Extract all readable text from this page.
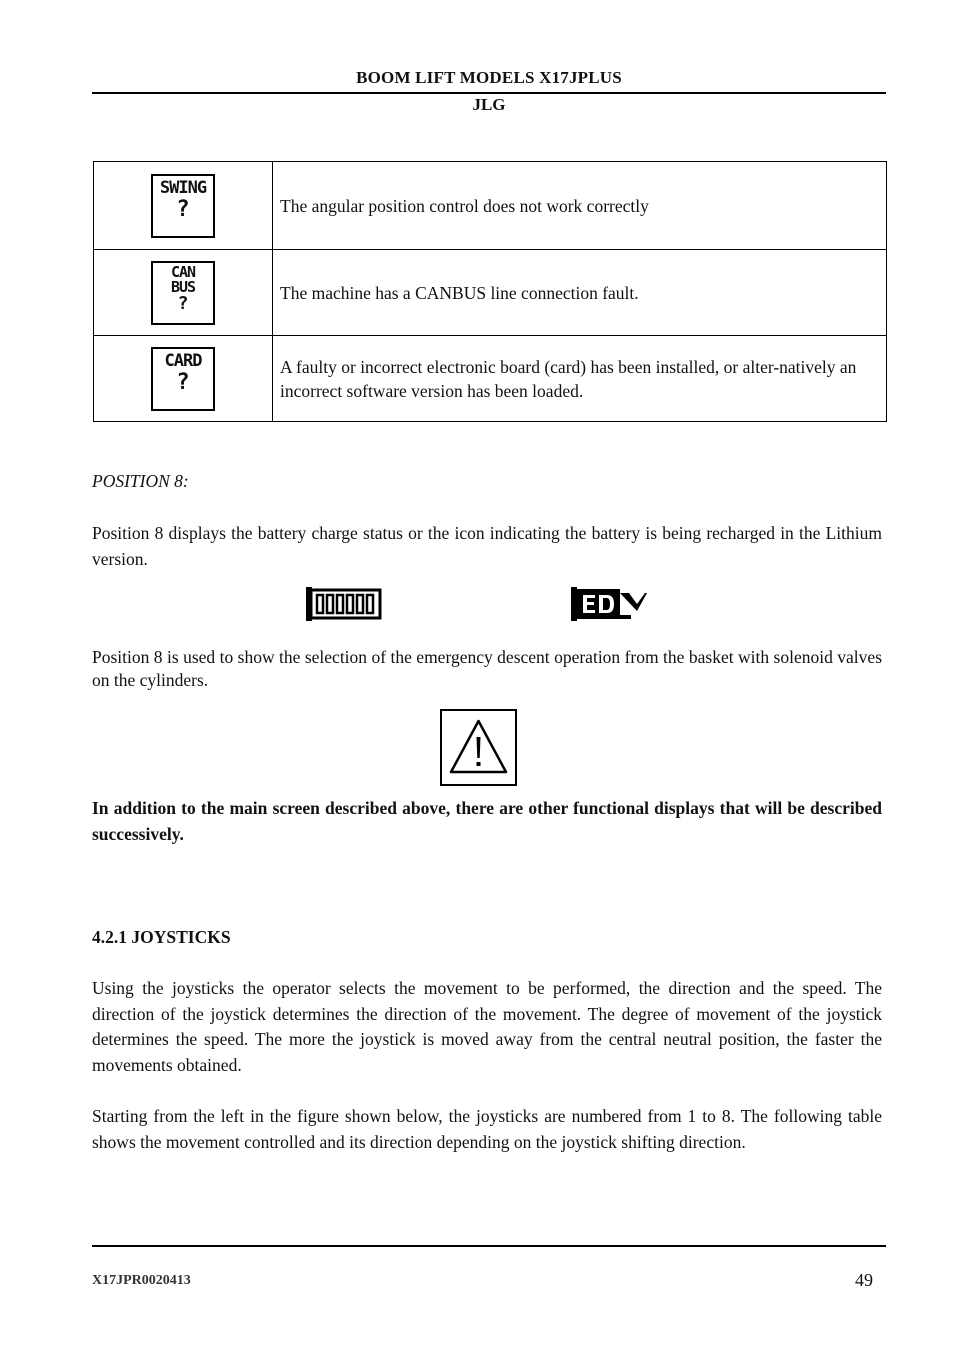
BOOM LIFT MODELS X17JPLUS
JLG
SWING
?	The angular position control does not work correctly

CAN
BUS
?	The machine has a CANBUS line connection fault.

CARD
?	A faulty or incorrect electronic board (card) has been installed, or alter-natively an incorrect software version has been loaded.

POSITION 8:

Position 8 displays the battery charge status or the icon indicating the battery is being recharged in the Lithium version.

Position 8 is used to show the selection of the emergency descent operation from the basket with solenoid valves on the cylinders.

In addition to the main screen described above, there are other functional displays that will be described successively.

4.2.1 JOYSTICKS

Using the joysticks the operator selects the movement to be performed, the direction and the speed. The direction of the joystick determines the direction of the movement. The degree of movement of the joystick determines the speed. The more the joystick is moved away from the central neutral position, the faster the movements obtained.

Starting from the left in the figure shown below, the joysticks are numbered from 1 to 8. The following table shows the movement controlled and its direction depending on the joystick shifting direction.

X17JPR0020413	49
